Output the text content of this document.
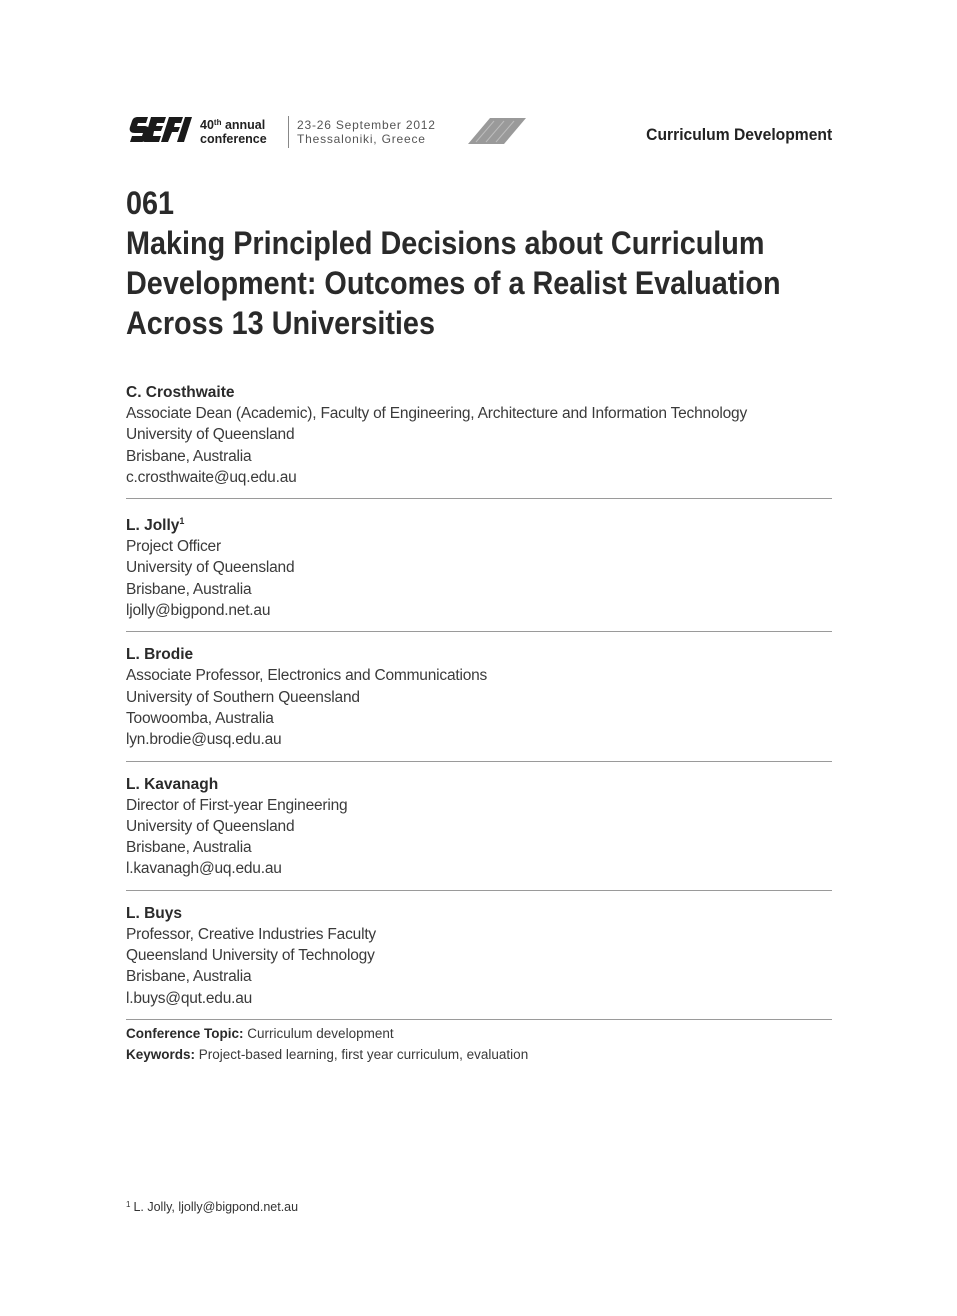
40th annual
conference
23-26 September 2012
Thessaloniki, Greece	Curriculum Development
061
Making Principled Decisions about Curriculum
Development: Outcomes of a Realist Evaluation
Across 13 Universities
C. Crosthwaite
Associate Dean (Academic), Faculty of Engineering, Architecture and Information Technology
University of Queensland
Brisbane, Australia
c.crosthwaite@uq.edu.au
L. Jolly$^1$
Project Officer
University of Queensland
Brisbane, Australia
ljolly@bigpond.net.au
L. Brodie
Associate Professor, Electronics and Communications
University of Southern Queensland
Toowoomba, Australia
lyn.brodie@usq.edu.au
L. Kavanagh
Director of First-year Engineering
University of Queensland
Brisbane, Australia
l.kavanagh@uq.edu.au
L. Buys
Professor, Creative Industries Faculty
Queensland University of Technology
Brisbane, Australia
l.buys@qut.edu.au
Conference Topic: Curriculum development
Keywords: Project-based learning, first year curriculum, evaluation
$^1$ L. Jolly, ljolly@bigpond.net.au
